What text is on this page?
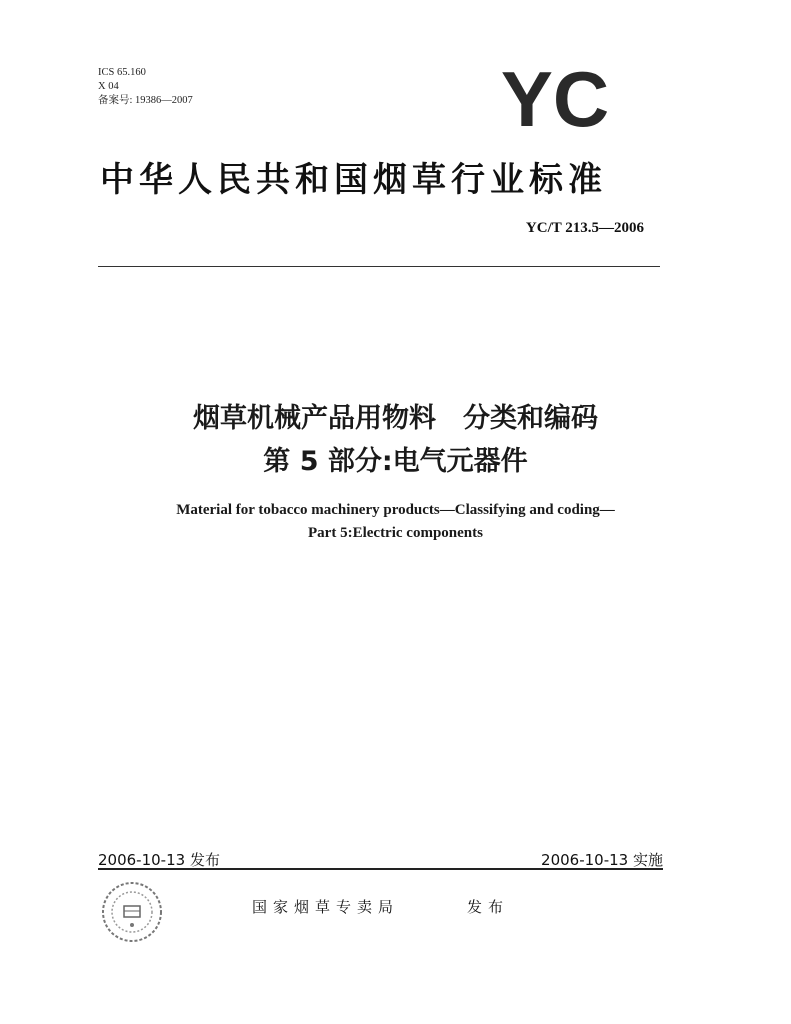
ICS 65.160
X 04
备案号: 19386—2007	YC
中华人民共和国烟草行业标准
YC/T 213.5—2006
烟草机械产品用物料　分类和编码
第 5 部分:电气元器件
Material for tobacco machinery products—Classifying and coding—
Part 5:Electric components
2006-10-13 发布	2006-10-13 实施
国家烟草专卖局	发布
